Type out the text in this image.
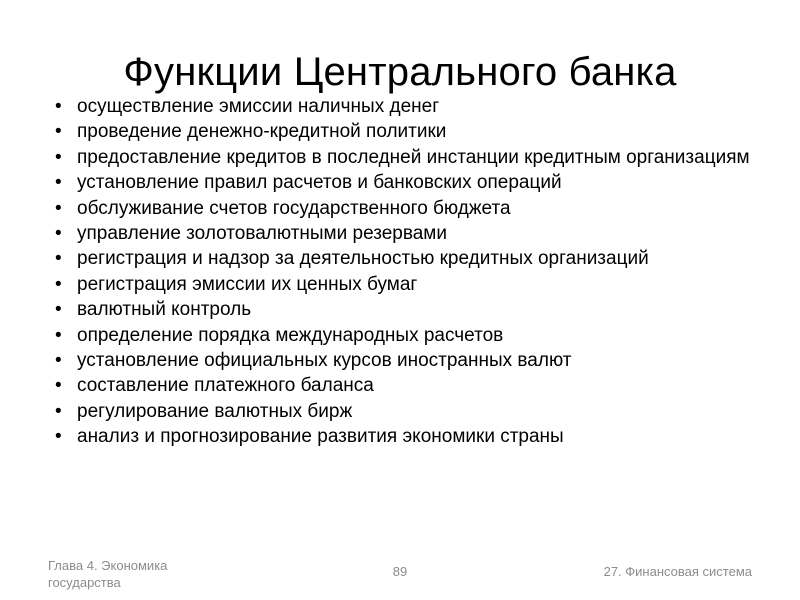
Функции Центрального банка
• осуществление эмиссии наличных денег
• проведение денежно-кредитной политики
• предоставление кредитов в последней инстанции кредитным организациям
• установление правил расчетов и банковских операций
• обслуживание счетов государственного бюджета
• управление золотовалютными резервами
• регистрация и надзор за деятельностью кредитных организаций
• регистрация эмиссии их ценных бумаг
• валютный контроль
• определение порядка международных расчетов
• установление официальных курсов иностранных валют
• составление платежного баланса
• регулирование валютных бирж
• анализ и прогнозирование развития экономики страны
Глава 4. Экономика государства
89	27. Финансовая система
